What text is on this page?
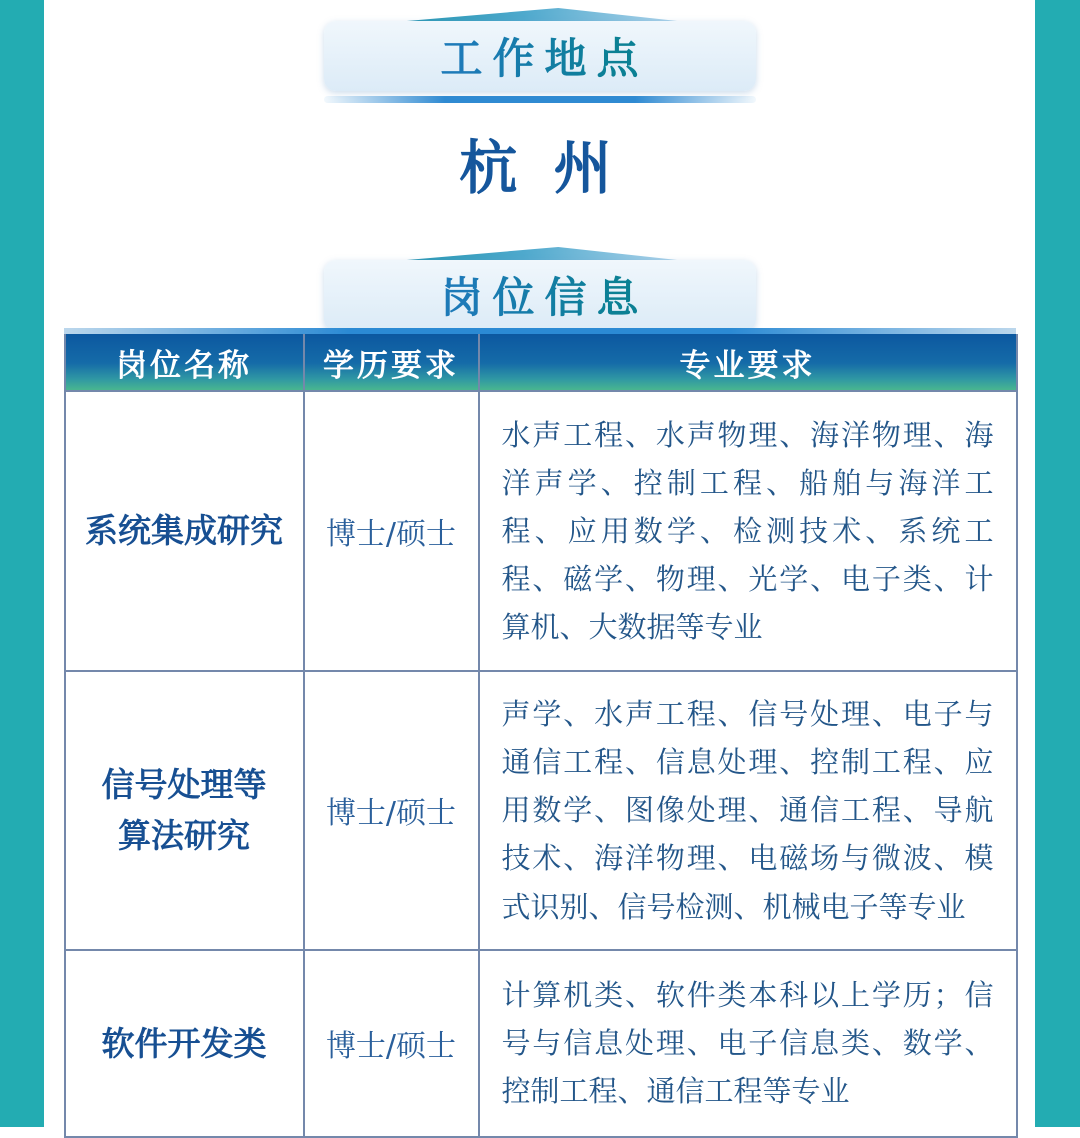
工作地点
杭 州
岗位信息
岗位名称	学历要求	专业要求

系统集成研究	博士/硕士	水声工程、水声物理、海洋物理、海洋声学、控制工程、船舶与海洋工程、应用数学、检测技术、系统工程、磁学、物理、光学、电子类、计算机、大数据等专业

信号处理等
算法研究	博士/硕士	声学、水声工程、信号处理、电子与通信工程、信息处理、控制工程、应用数学、图像处理、通信工程、导航技术、海洋物理、电磁场与微波、模式识别、信号检测、机械电子等专业

软件开发类	博士/硕士	计算机类、软件类本科以上学历；信号与信息处理、电子信息类、数学、控制工程、通信工程等专业
